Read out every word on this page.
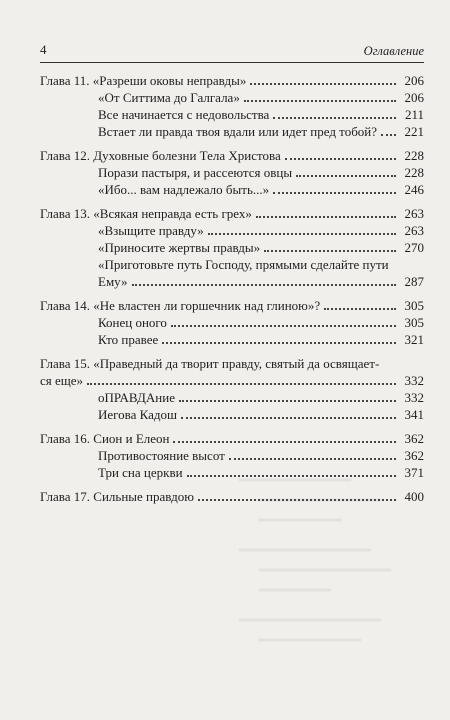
4	Оглавление
Глава 11. «Разреши оковы неправды»	206
«От Ситтима до Галгала»	206
Все начинается с недовольства	211
Встает ли правда твоя вдали или идет пред тобой? 221
Глава 12. Духовные болезни Тела Христова	228
Порази пастыря, и рассеются овцы	228
«Ибо... вам надлежало быть...»	246
Глава 13. «Всякая неправда есть грех»	263
«Взыщите правду»	263
«Приносите жертвы правды»	270
«Приготовьте путь Господу, прямыми сделайте пути
Ему»	287
Глава 14. «Не властен ли горшечник над глиною»?	305
Конец оного	305
Кто правее	321
Глава 15. «Праведный да творит правду, святый да освящает-
ся еще»	332
оПРАВДАние	332
Иегова Кадош	341
Глава 16. Сион и Елеон	362
Противостояние высот	362
Три сна церкви	371
Глава 17. Сильные правдою	400
